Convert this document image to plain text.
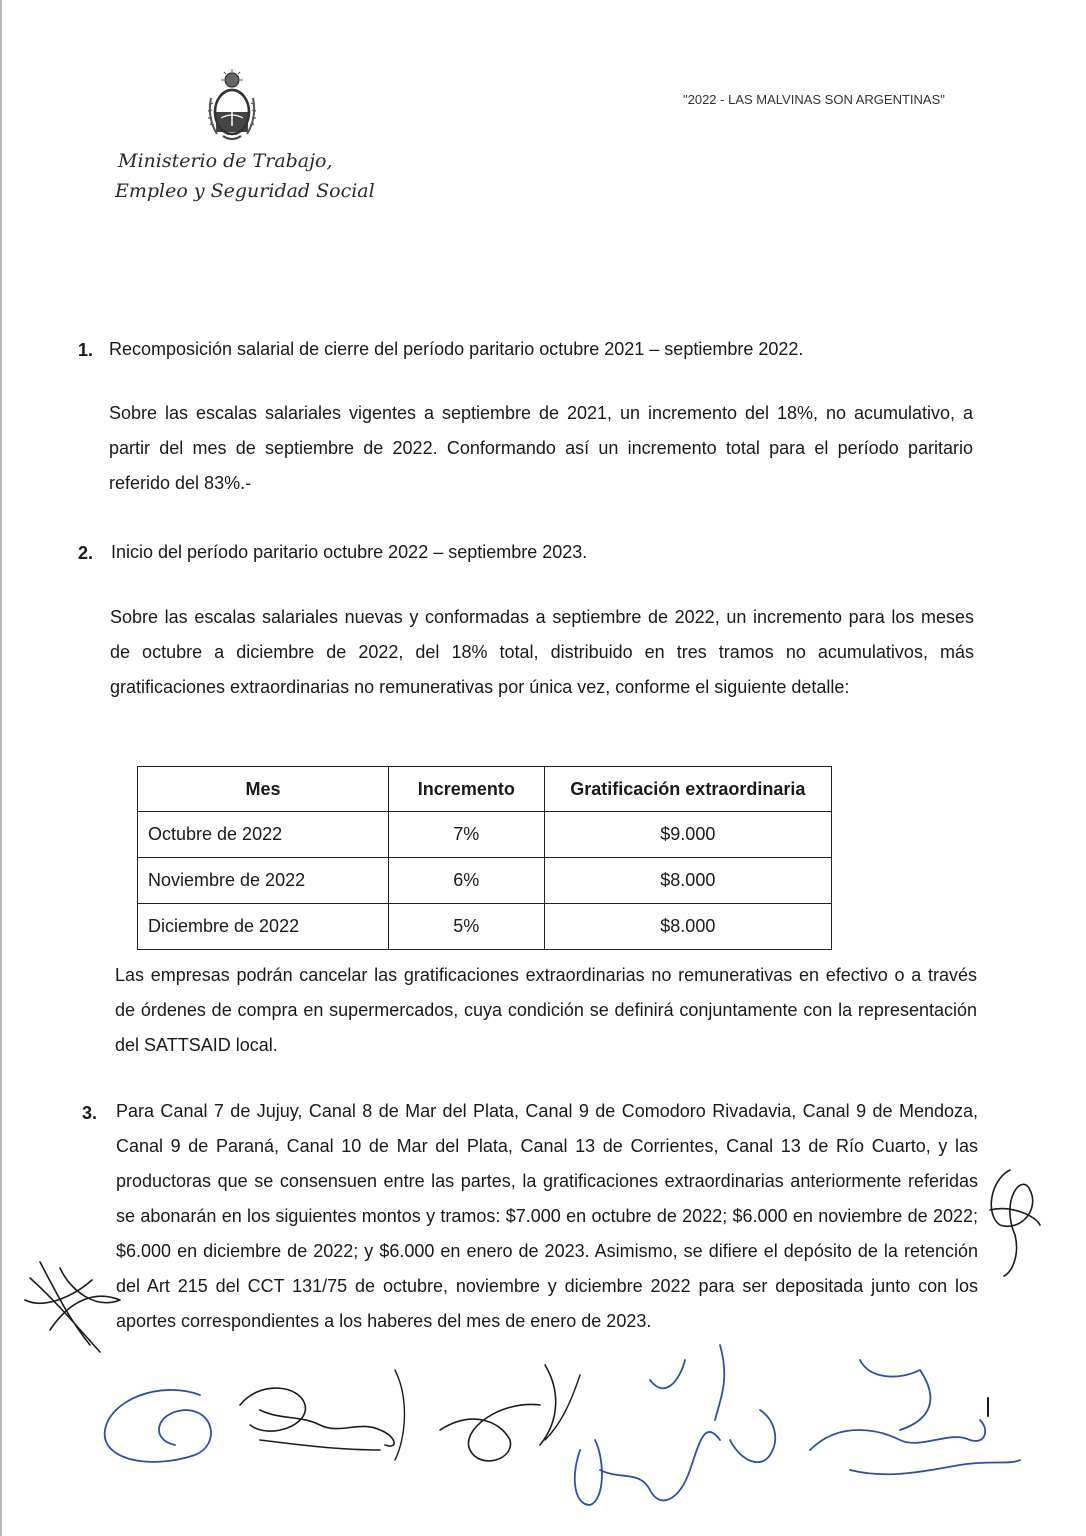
Ministerio de Trabajo,
Empleo y Seguridad Social
"2022 - LAS MALVINAS SON ARGENTINAS"
1. Recomposición salarial de cierre del período paritario octubre 2021 – septiembre 2022.

Sobre las escalas salariales vigentes a septiembre de 2021, un incremento del 18%, no acumulativo, a partir del mes de septiembre de 2022. Conformando así un incremento total para el período paritario referido del 83%.-

2. Inicio del período paritario octubre 2022 – septiembre 2023.

Sobre las escalas salariales nuevas y conformadas a septiembre de 2022, un incremento para los meses de octubre a diciembre de 2022, del 18% total, distribuido en tres tramos no acumulativos, más gratificaciones extraordinarias no remunerativas por única vez, conforme el siguiente detalle:

Mes	Incremento	Gratificación extraordinaria
Octubre de 2022	7%	$9.000
Noviembre de 2022	6%	$8.000
Diciembre de 2022	5%	$8.000

Las empresas podrán cancelar las gratificaciones extraordinarias no remunerativas en efectivo o a través de órdenes de compra en supermercados, cuya condición se definirá conjuntamente con la representación del SATTSAID local.

3. Para Canal 7 de Jujuy, Canal 8 de Mar del Plata, Canal 9 de Comodoro Rivadavia, Canal 9 de Mendoza, Canal 9 de Paraná, Canal 10 de Mar del Plata, Canal 13 de Corrientes, Canal 13 de Río Cuarto, y las productoras que se consensuen entre las partes, la gratificaciones extraordinarias anteriormente referidas se abonarán en los siguientes montos y tramos: $7.000 en octubre de 2022; $6.000 en noviembre de 2022; $6.000 en diciembre de 2022; y $6.000 en enero de 2023. Asimismo, se difiere el depósito de la retención del Art 215 del CCT 131/75 de octubre, noviembre y diciembre 2022 para ser depositada junto con los aportes correspondientes a los haberes del mes de enero de 2023.
